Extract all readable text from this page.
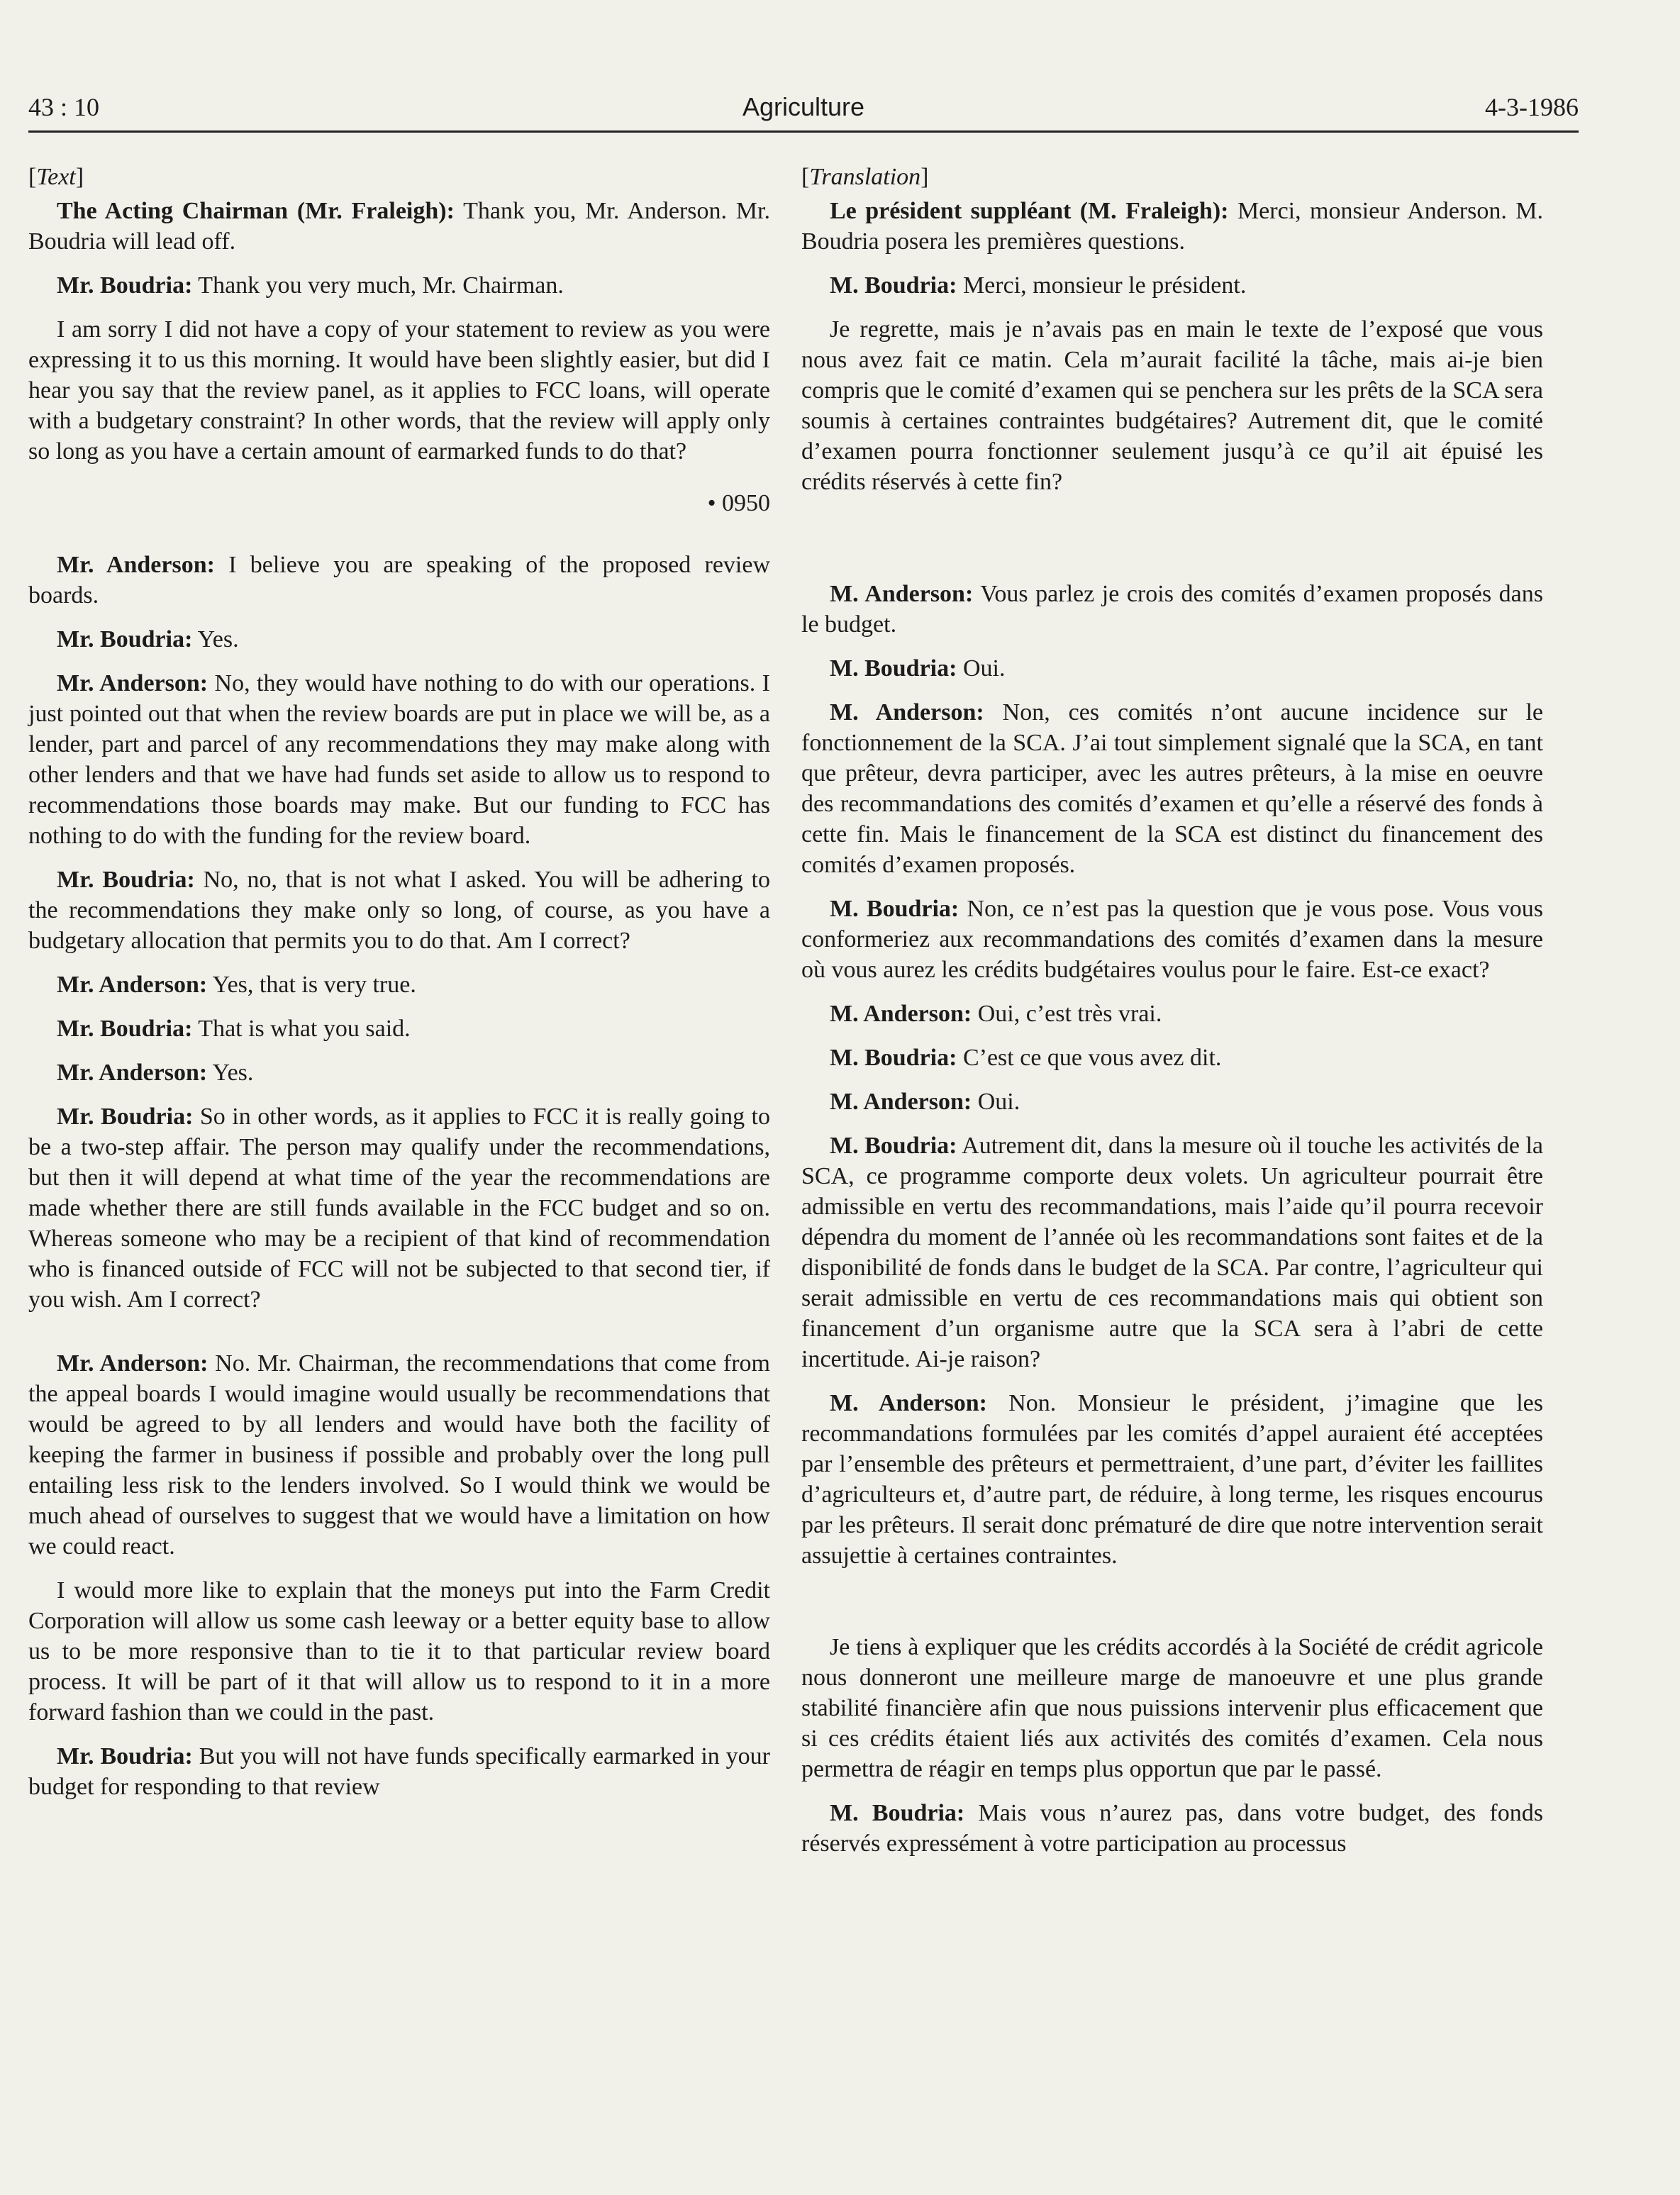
43 : 10	Agriculture	4-3-1986

[Text]

The Acting Chairman (Mr. Fraleigh): Thank you, Mr. Anderson. Mr. Boudria will lead off.

Mr. Boudria: Thank you very much, Mr. Chairman.

I am sorry I did not have a copy of your statement to review as you were expressing it to us this morning. It would have been slightly easier, but did I hear you say that the review panel, as it applies to FCC loans, will operate with a budgetary constraint? In other words, that the review will apply only so long as you have a certain amount of earmarked funds to do that?

• 0950

Mr. Anderson: I believe you are speaking of the proposed review boards.

Mr. Boudria: Yes.

Mr. Anderson: No, they would have nothing to do with our operations. I just pointed out that when the review boards are put in place we will be, as a lender, part and parcel of any recommendations they may make along with other lenders and that we have had funds set aside to allow us to respond to recommendations those boards may make. But our funding to FCC has nothing to do with the funding for the review board.

Mr. Boudria: No, no, that is not what I asked. You will be adhering to the recommendations they make only so long, of course, as you have a budgetary allocation that permits you to do that. Am I correct?

Mr. Anderson: Yes, that is very true.

Mr. Boudria: That is what you said.

Mr. Anderson: Yes.

Mr. Boudria: So in other words, as it applies to FCC it is really going to be a two-step affair. The person may qualify under the recommendations, but then it will depend at what time of the year the recommendations are made whether there are still funds available in the FCC budget and so on. Whereas someone who may be a recipient of that kind of recommendation who is financed outside of FCC will not be subjected to that second tier, if you wish. Am I correct?

Mr. Anderson: No. Mr. Chairman, the recommendations that come from the appeal boards I would imagine would usually be recommendations that would be agreed to by all lenders and would have both the facility of keeping the farmer in business if possible and probably over the long pull entailing less risk to the lenders involved. So I would think we would be much ahead of ourselves to suggest that we would have a limitation on how we could react.

I would more like to explain that the moneys put into the Farm Credit Corporation will allow us some cash leeway or a better equity base to allow us to be more responsive than to tie it to that particular review board process. It will be part of it that will allow us to respond to it in a more forward fashion than we could in the past.

Mr. Boudria: But you will not have funds specifically earmarked in your budget for responding to that review

[Translation]

Le président suppléant (M. Fraleigh): Merci, monsieur Anderson. M. Boudria posera les premières questions.

M. Boudria: Merci, monsieur le président.

Je regrette, mais je n’avais pas en main le texte de l’exposé que vous nous avez fait ce matin. Cela m’aurait facilité la tâche, mais ai-je bien compris que le comité d’examen qui se penchera sur les prêts de la SCA sera soumis à certaines contraintes budgétaires? Autrement dit, que le comité d’examen pourra fonctionner seulement jusqu’à ce qu’il ait épuisé les crédits réservés à cette fin?

M. Anderson: Vous parlez je crois des comités d’examen proposés dans le budget.

M. Boudria: Oui.

M. Anderson: Non, ces comités n’ont aucune incidence sur le fonctionnement de la SCA. J’ai tout simplement signalé que la SCA, en tant que prêteur, devra participer, avec les autres prêteurs, à la mise en oeuvre des recommandations des comités d’examen et qu’elle a réservé des fonds à cette fin. Mais le financement de la SCA est distinct du financement des comités d’examen proposés.

M. Boudria: Non, ce n’est pas la question que je vous pose. Vous vous conformeriez aux recommandations des comités d’examen dans la mesure où vous aurez les crédits budgétaires voulus pour le faire. Est-ce exact?

M. Anderson: Oui, c’est très vrai.

M. Boudria: C’est ce que vous avez dit.

M. Anderson: Oui.

M. Boudria: Autrement dit, dans la mesure où il touche les activités de la SCA, ce programme comporte deux volets. Un agriculteur pourrait être admissible en vertu des recommandations, mais l’aide qu’il pourra recevoir dépendra du moment de l’année où les recommandations sont faites et de la disponibilité de fonds dans le budget de la SCA. Par contre, l’agriculteur qui serait admissible en vertu de ces recommandations mais qui obtient son financement d’un organisme autre que la SCA sera à l’abri de cette incertitude. Ai-je raison?

M. Anderson: Non. Monsieur le président, j’imagine que les recommandations formulées par les comités d’appel auraient été acceptées par l’ensemble des prêteurs et permettraient, d’une part, d’éviter les faillites d’agriculteurs et, d’autre part, de réduire, à long terme, les risques encourus par les prêteurs. Il serait donc prématuré de dire que notre intervention serait assujettie à certaines contraintes.

Je tiens à expliquer que les crédits accordés à la Société de crédit agricole nous donneront une meilleure marge de manoeuvre et une plus grande stabilité financière afin que nous puissions intervenir plus efficacement que si ces crédits étaient liés aux activités des comités d’examen. Cela nous permettra de réagir en temps plus opportun que par le passé.

M. Boudria: Mais vous n’aurez pas, dans votre budget, des fonds réservés expressément à votre participation au processus
